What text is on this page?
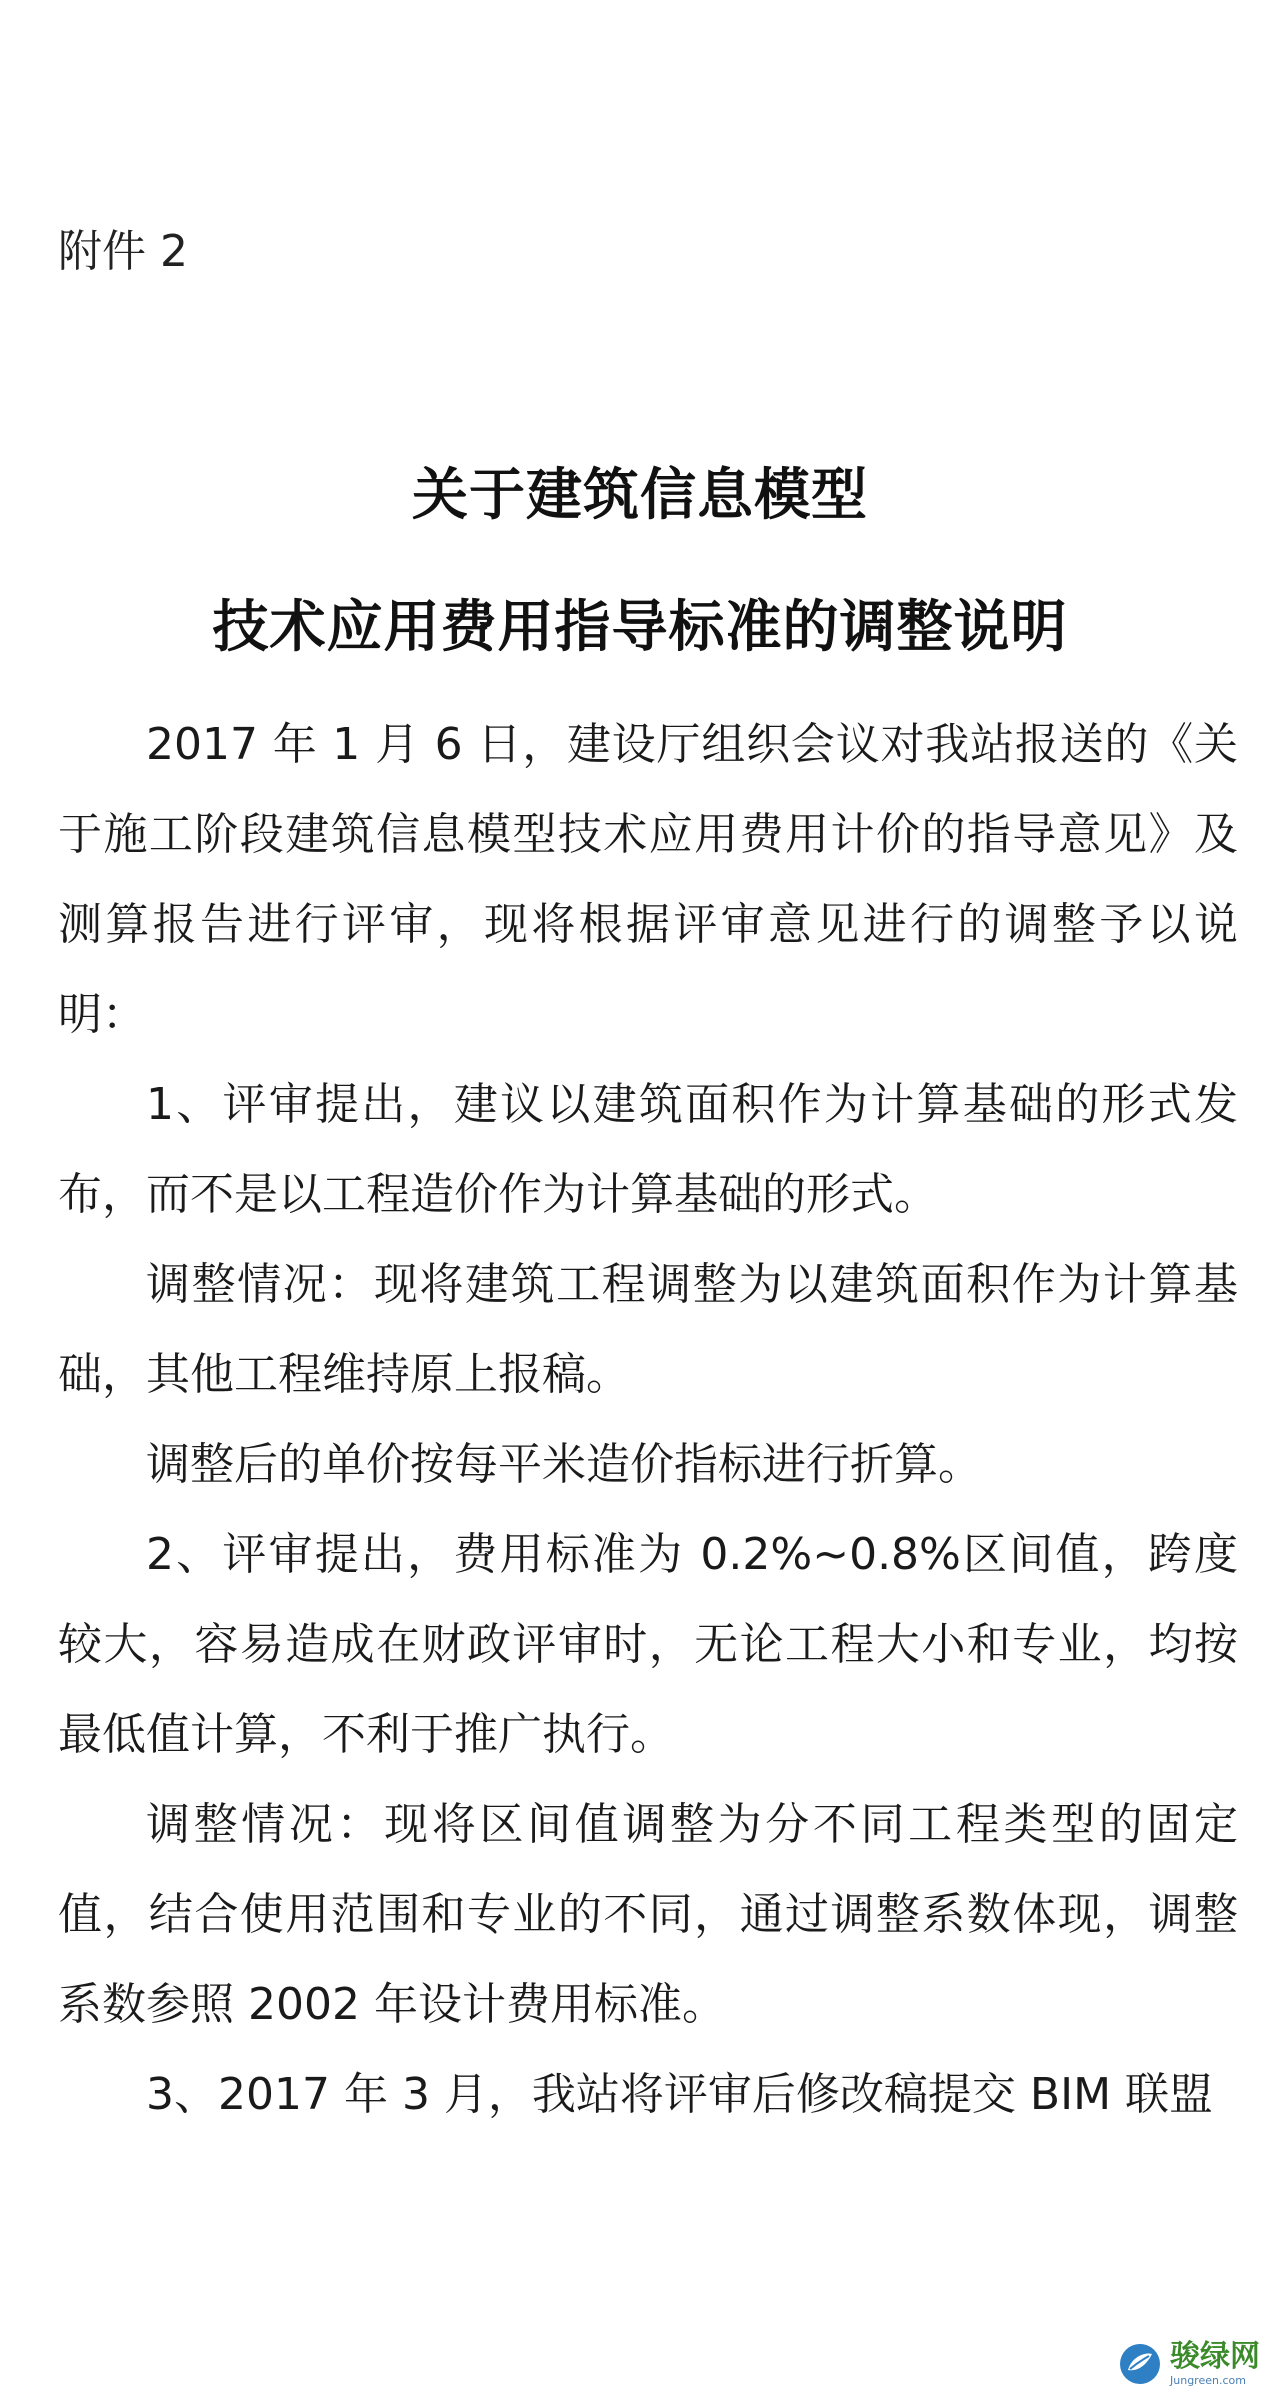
附件 2
关于建筑信息模型
技术应用费用指导标准的调整说明

2017 年 1 月 6 日，建设厅组织会议对我站报送的《关于施工阶段建筑信息模型技术应用费用计价的指导意见》及测算报告进行评审，现将根据评审意见进行的调整予以说明：

1、评审提出，建议以建筑面积作为计算基础的形式发布，而不是以工程造价作为计算基础的形式。

调整情况：现将建筑工程调整为以建筑面积作为计算基础，其他工程维持原上报稿。

调整后的单价按每平米造价指标进行折算。

2、评审提出，费用标准为 0.2%~0.8%区间值，跨度较大，容易造成在财政评审时，无论工程大小和专业，均按最低值计算，不利于推广执行。

调整情况：现将区间值调整为分不同工程类型的固定值，结合使用范围和专业的不同，通过调整系数体现，调整系数参照 2002 年设计费用标准。

3、2017 年 3 月，我站将评审后修改稿提交 BIM 联盟

骏绿网
Jungreen.com
